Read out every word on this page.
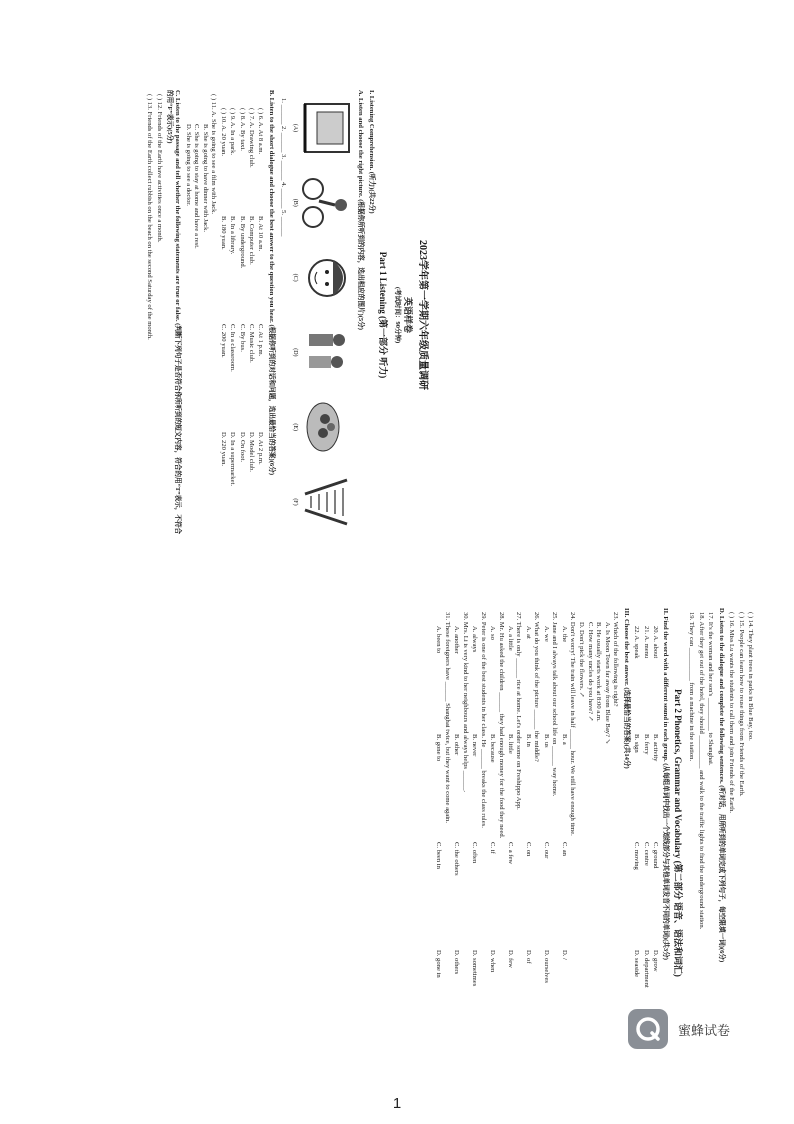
2023学年第一学期六年级质量调研
英语样卷
(考试时间：90分钟)
Part 1 Listening (第一部分 听力)
I. Listening Comprehension. (听力)(共22分)
A. Listen and choose the right picture. (根据你所听到的内容，选出相应的图片)(5分)
(A)
(B)
(C)
(D)
(E)
(F)
1. ______ 2. ______ 3. ______ 4. ______ 5. ______
B. Listen to the short dialogue and choose the best answer to the question you hear. (根据你听到的对话和问题，选出最恰当的答案)(6分)
( ) 6. A. At 8 a.m.
B. At 10 a.m.
C. At 1 p.m.
D. At 2 p.m.
( ) 7. A. Drawing club.
B. Computer club.
C. Music club.
D. Model club.
( ) 8. A. By taxi.
B. By underground.
C. By bus.
D. On foot.
( ) 9. A. In a park.
B. In a library.
C. In a classroom.
D. In a supermarket.
( ) 10. A. 20 yuan.
B. 180 yuan.
C. 200 yuan.
D. 220 yuan.
( ) 11. A. She is going to see a film with Jack.
B. She is going to have dinner with Jack.
C. She is going to stay at home and have a rest.
D. She is going to see a doctor.
C. Listen to the passage and tell whether the following statements are true or false. (判断下列句子是否符合你所听到的短文内容，符合的用“T”表示，不符合的用“F”表示)(5分)
( ) 12. Friends of the Earth have activities once a month.
( ) 13. Friends of the Earth collect rubbish on the beach on the second Saturday of the month.
( ) 14. They plant trees in parks in Blue Bay, too.
( ) 15. People can learn how to reuse things from Friends of the Earth.
( ) 16. Miss Lu wants the students to call them and join Friends of the Earth.
D. Listen to the dialogue and complete the following sentences. (听对话，用所听到的单词完成下列句子，每空限填一词)(6分)
17. It's the woman and her son's __________ to Shanghai.
18. After they get out of the hotel, they should __________ and walk to the traffic lights to find the underground station.
19. They can __________ from a machine in the station.
Part 2 Phonetics, Grammar and Vocabulary (第二部分 语音、语法和词汇)
II. Find the word with a different sound in each group. (从每组单词中找出一个划线部分与其他单词发音不同的单词)(共3分)
20. A. about
B. activity
C. ground
D. grow
21. A. menu
B. ferry
C. centre
D. department
22. A. speak
B. sign
C. moving
D. seaside
III. Choose the best answer. (选择最恰当的答案)(共14分)
23. Which of the following is right?
A. Is Moon Town far away from Blue Bay? ↘
B. He usually starts work at 8:00 a.m.
C. How many uncles do you have? ↗
D. Don't pick the flowers. ↗
24. Don't worry! The train will leave in half ______ hour. We still have enough time.
A. the
B. a
C. an
D. /
25. Jane and I always talk about our school life on ______ way home.
A. we
B. us
C. our
D. ourselves
26. What do you think of the picture ______ the middle?
A. at
B. in
C. on
D. of
27. There is only ______ rice at home. Let's order some on Freshippo App.
A. a little
B. little
C. a few
D. few
28. Mr. Hu asked the children ______ they had enough money for the food they need.
A. so
B. because
C. if
D. when
29. Peter is one of the best students in her class. He ______ breaks the class rules.
A. always
B. never
C. often
D. sometimes
30. Mrs. Li is very kind to her neighbours and always helps ______.
A. another
B. other
C. the others
D. others
31. These foreigners have ______ Shanghai twice, but they want to come again.
A. been to
B. gone to
C. been in
D. gone in
蜜蜂试卷
1
